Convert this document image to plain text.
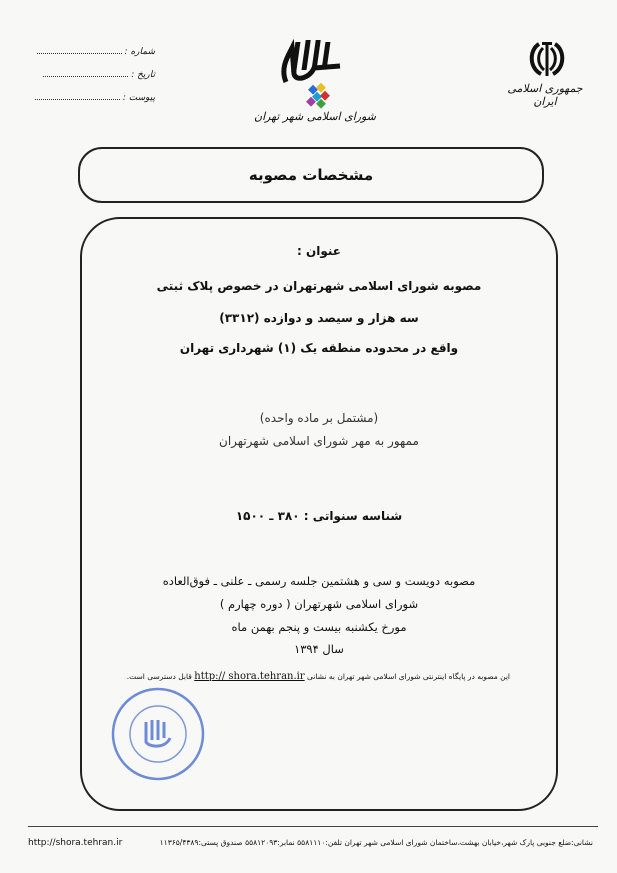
جمهوری اسلامی ایران
شورای اسلامی شهر تهران
شماره :
تاریخ :
پیوست :
مشخصات مصوبه
عنوان :
مصوبه شورای اسلامی شهرتهران در خصوص پلاک ثبتی
سه هزار و سیصد و دوازده (۳۳۱۲)
واقع در محدوده منطقه یک (۱) شهرداری تهران
(مشتمل بر ماده واحده)
ممهور به مهر شورای اسلامی شهرتهران
شناسه سنواتی : ۳۸۰ ـ ۱۵۰۰
مصوبه دویست و سی و هشتمین جلسه رسمی ـ علنی ـ فوق‌العاده
شورای اسلامی شهرتهران ( دوره چهارم )
مورخ یکشنبه بیست و پنجم بهمن ماه
سال ۱۳۹۴
این مصوبه در پایگاه اینترنتی شورای اسلامی شهر تهران به نشانی http:// shora.tehran.ir قابل دسترسی است.
نشانی:ضلع جنوبی پارک شهر،خیابان بهشت،ساختمان شورای اسلامی شهر تهران تلفن:۵۵۸۱۱۱۰ نمابر:۵۵۸۱۲۰۹۳ صندوق پستی:۱۱۳۶۵/۴۳۸۹
http://shora.tehran.ir
